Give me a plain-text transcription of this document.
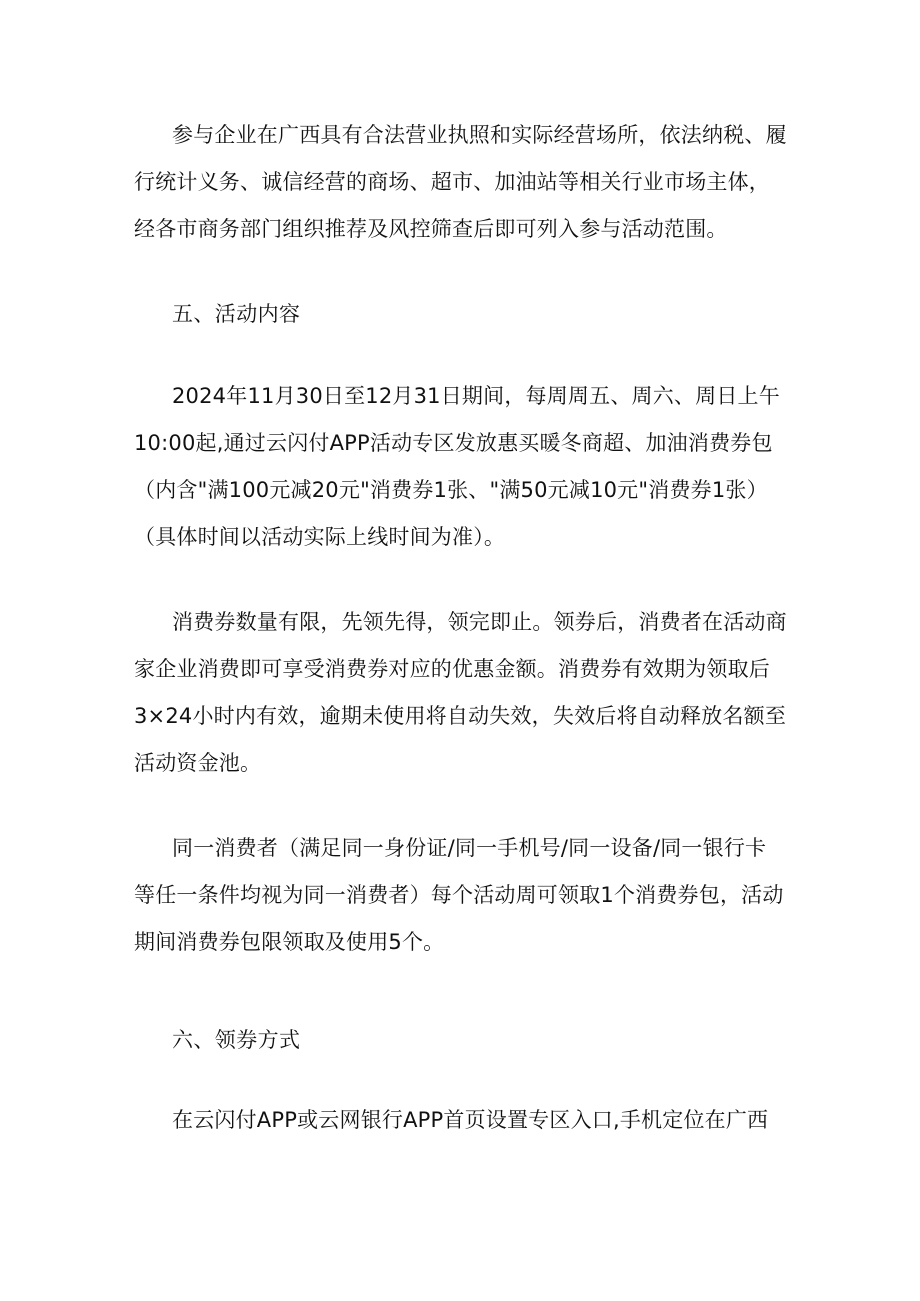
参与企业在广西具有合法营业执照和实际经营场所，依法纳税、履
行统计义务、诚信经营的商场、超市、加油站等相关行业市场主体，
经各市商务部门组织推荐及风控筛查后即可列入参与活动范围。

五、活动内容

2024年11月30日至12月31日期间，每周周五、周六、周日上午
10:00起,通过云闪付APP活动专区发放惠买暖冬商超、加油消费券包
（内含"满100元减20元"消费券1张、"满50元减10元"消费券1张）
（具体时间以活动实际上线时间为准）。

消费券数量有限，先领先得，领完即止。领券后，消费者在活动商
家企业消费即可享受消费券对应的优惠金额。消费券有效期为领取后
3×24小时内有效，逾期未使用将自动失效，失效后将自动释放名额至
活动资金池。

同一消费者（满足同一身份证/同一手机号/同一设备/同一银行卡
等任一条件均视为同一消费者）每个活动周可领取1个消费券包，活动
期间消费券包限领取及使用5个。

六、领券方式

在云闪付APP或云网银行APP首页设置专区入口,手机定位在广西
